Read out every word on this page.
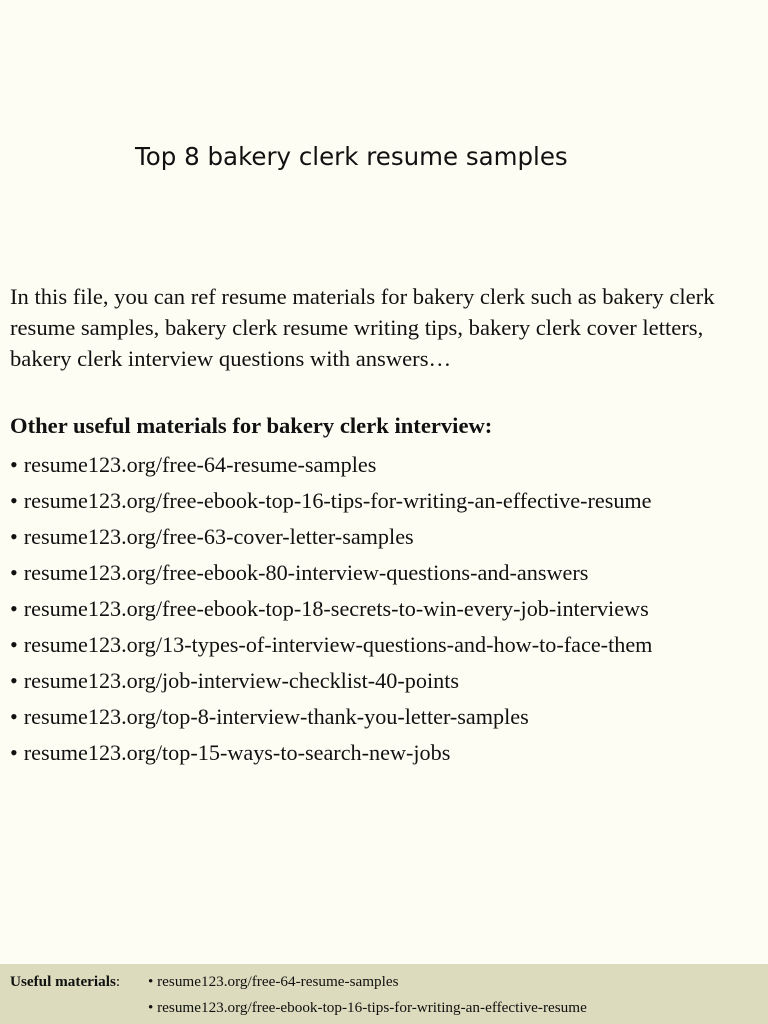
Top 8 bakery clerk resume samples

In this file, you can ref resume materials for bakery clerk such as bakery clerk resume samples, bakery clerk resume writing tips, bakery clerk cover letters, bakery clerk interview questions with answers…

Other useful materials for bakery clerk interview:
• resume123.org/free-64-resume-samples
• resume123.org/free-ebook-top-16-tips-for-writing-an-effective-resume
• resume123.org/free-63-cover-letter-samples
• resume123.org/free-ebook-80-interview-questions-and-answers
• resume123.org/free-ebook-top-18-secrets-to-win-every-job-interviews
• resume123.org/13-types-of-interview-questions-and-how-to-face-them
• resume123.org/job-interview-checklist-40-points
• resume123.org/top-8-interview-thank-you-letter-samples
• resume123.org/top-15-ways-to-search-new-jobs
Useful materials: • resume123.org/free-64-resume-samples
• resume123.org/free-ebook-top-16-tips-for-writing-an-effective-resume
